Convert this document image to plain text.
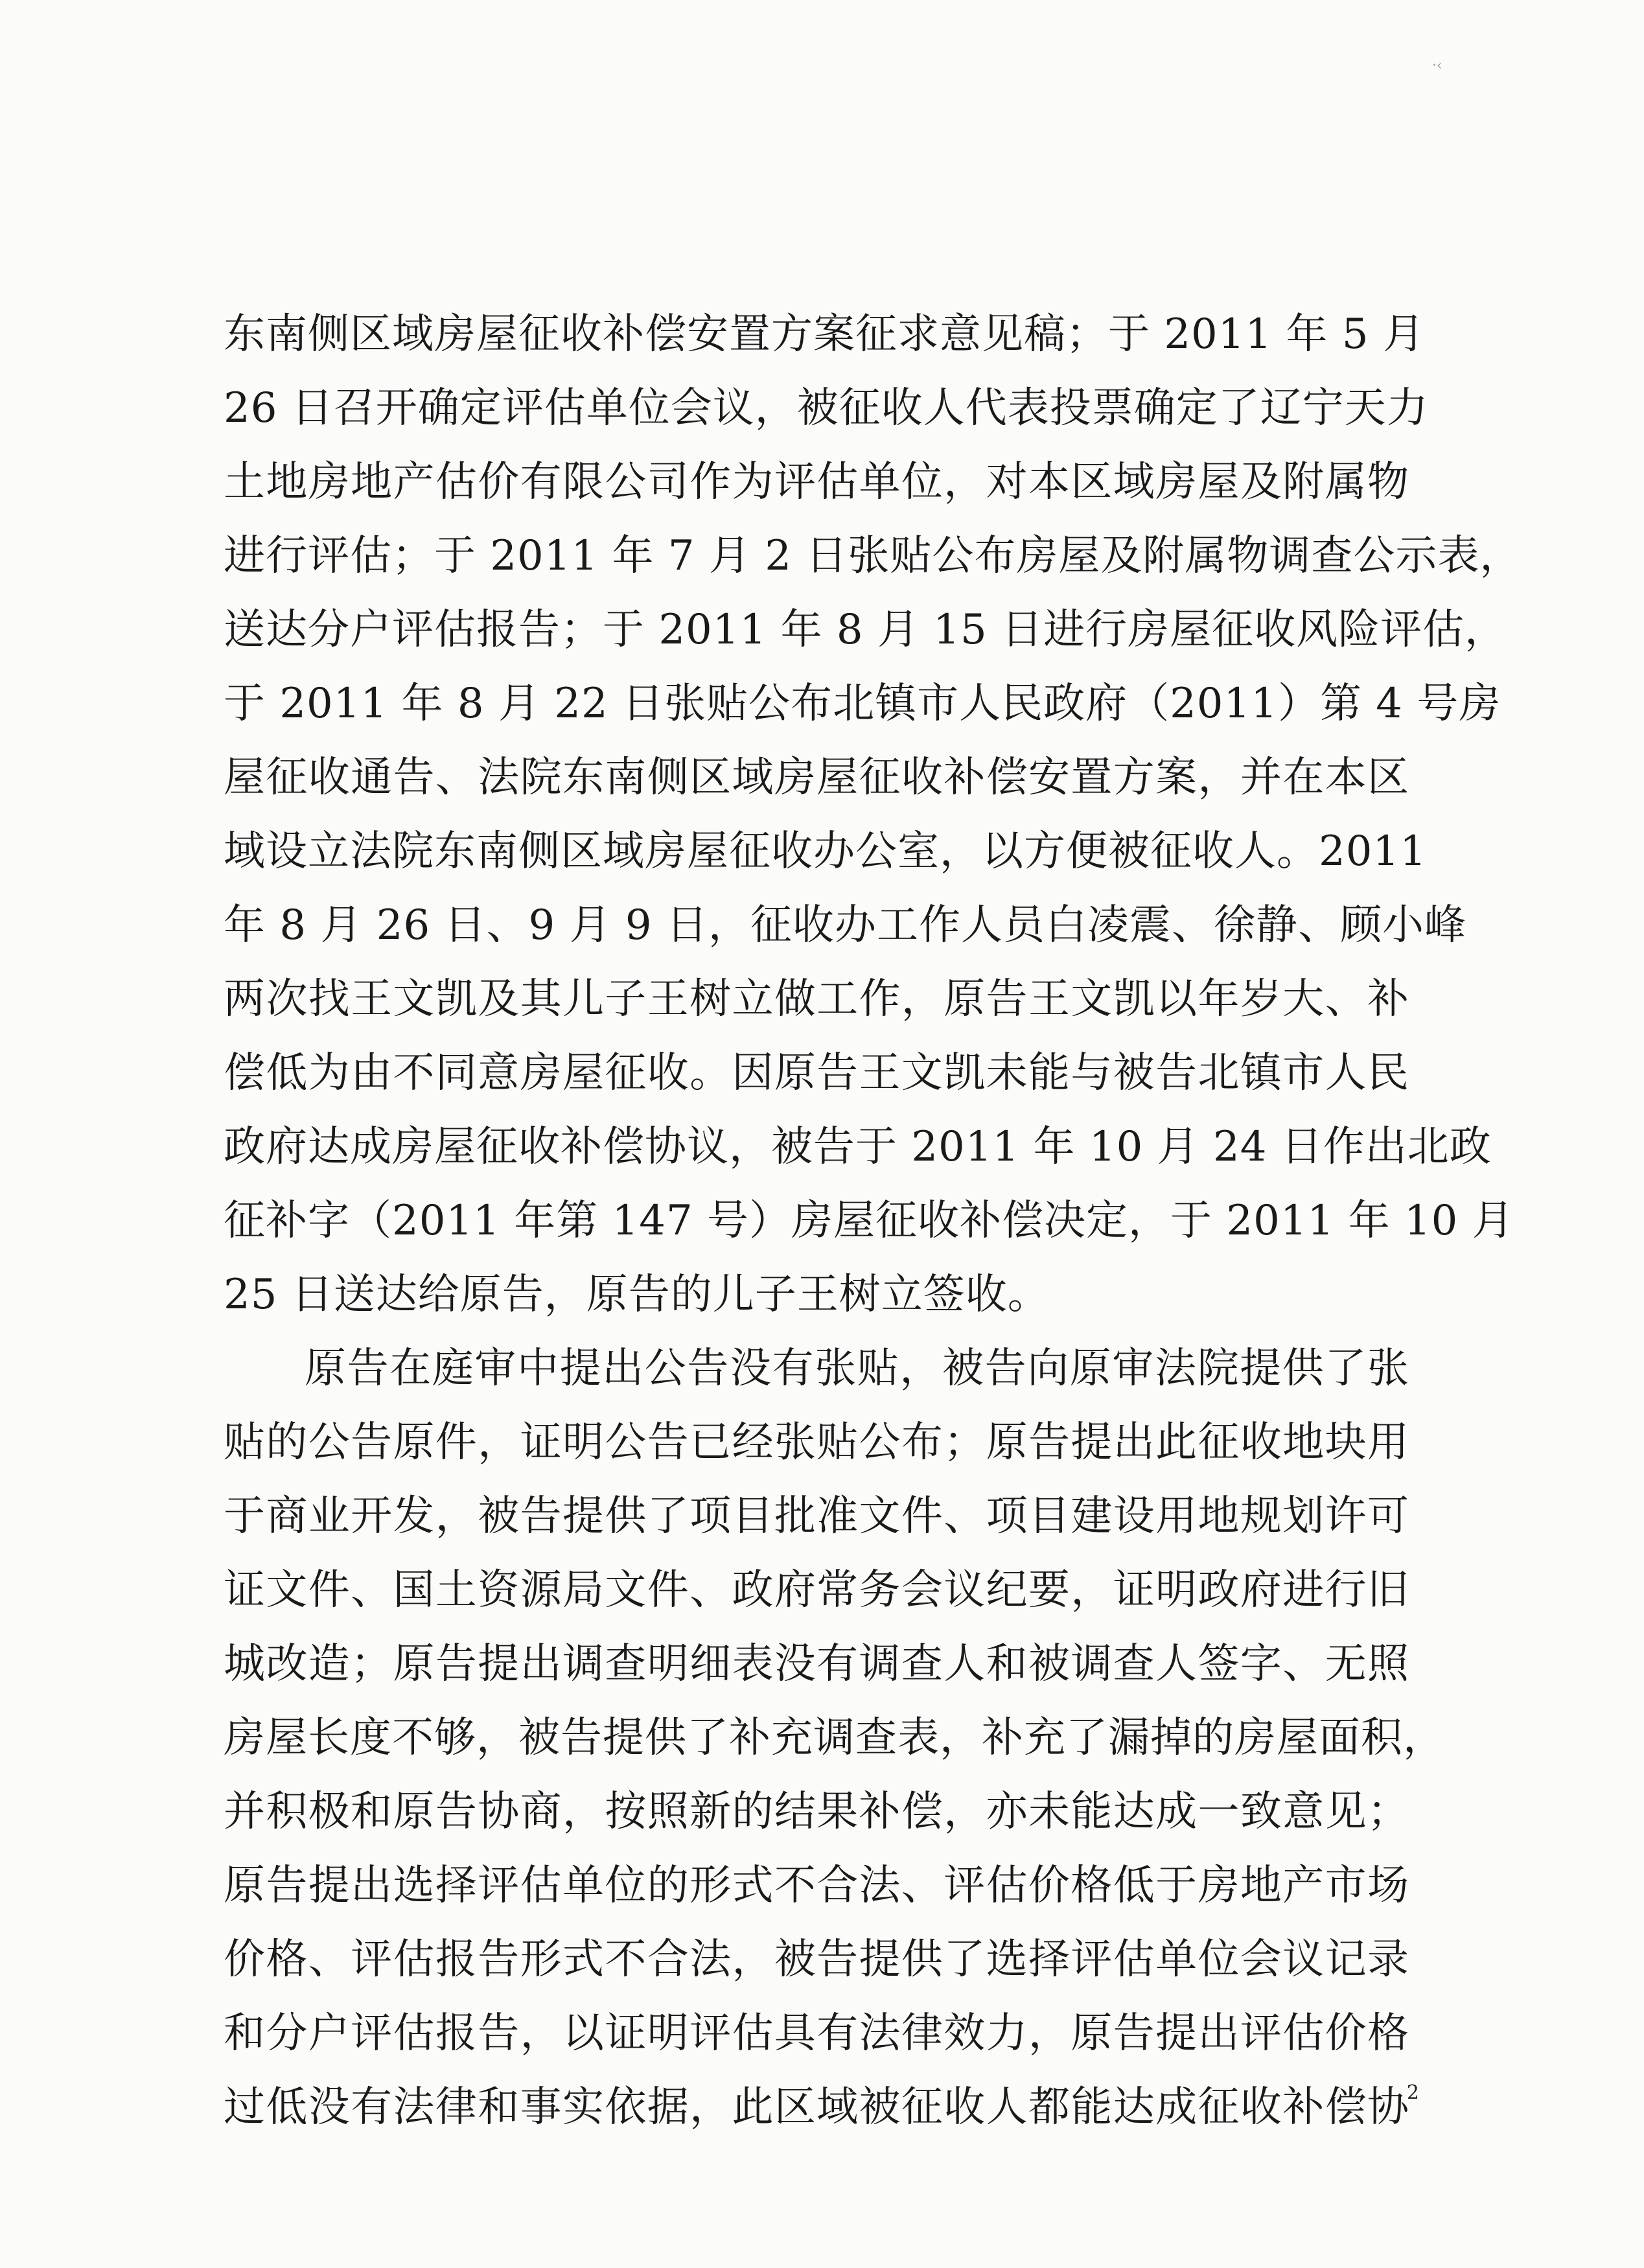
·‹
东南侧区域房屋征收补偿安置方案征求意见稿；于 2011 年 5 月
26 日召开确定评估单位会议，被征收人代表投票确定了辽宁天力
土地房地产估价有限公司作为评估单位，对本区域房屋及附属物
进行评估；于 2011 年 7 月 2 日张贴公布房屋及附属物调查公示表，
送达分户评估报告；于 2011 年 8 月 15 日进行房屋征收风险评估，
于 2011 年 8 月 22 日张贴公布北镇市人民政府（2011）第 4 号房
屋征收通告、法院东南侧区域房屋征收补偿安置方案，并在本区
域设立法院东南侧区域房屋征收办公室，以方便被征收人。2011
年 8 月 26 日、9 月 9 日，征收办工作人员白凌震、徐静、顾小峰
两次找王文凯及其儿子王树立做工作，原告王文凯以年岁大、补
偿低为由不同意房屋征收。因原告王文凯未能与被告北镇市人民
政府达成房屋征收补偿协议，被告于 2011 年 10 月 24 日作出北政
征补字（2011 年第 147 号）房屋征收补偿决定，于 2011 年 10 月
25 日送达给原告，原告的儿子王树立签收。
原告在庭审中提出公告没有张贴，被告向原审法院提供了张
贴的公告原件，证明公告已经张贴公布；原告提出此征收地块用
于商业开发，被告提供了项目批准文件、项目建设用地规划许可
证文件、国土资源局文件、政府常务会议纪要，证明政府进行旧
城改造；原告提出调查明细表没有调查人和被调查人签字、无照
房屋长度不够，被告提供了补充调查表，补充了漏掉的房屋面积，
并积极和原告协商，按照新的结果补偿，亦未能达成一致意见；
原告提出选择评估单位的形式不合法、评估价格低于房地产市场
价格、评估报告形式不合法，被告提供了选择评估单位会议记录
和分户评估报告，以证明评估具有法律效力，原告提出评估价格
过低没有法律和事实依据，此区域被征收人都能达成征收补偿协
2
